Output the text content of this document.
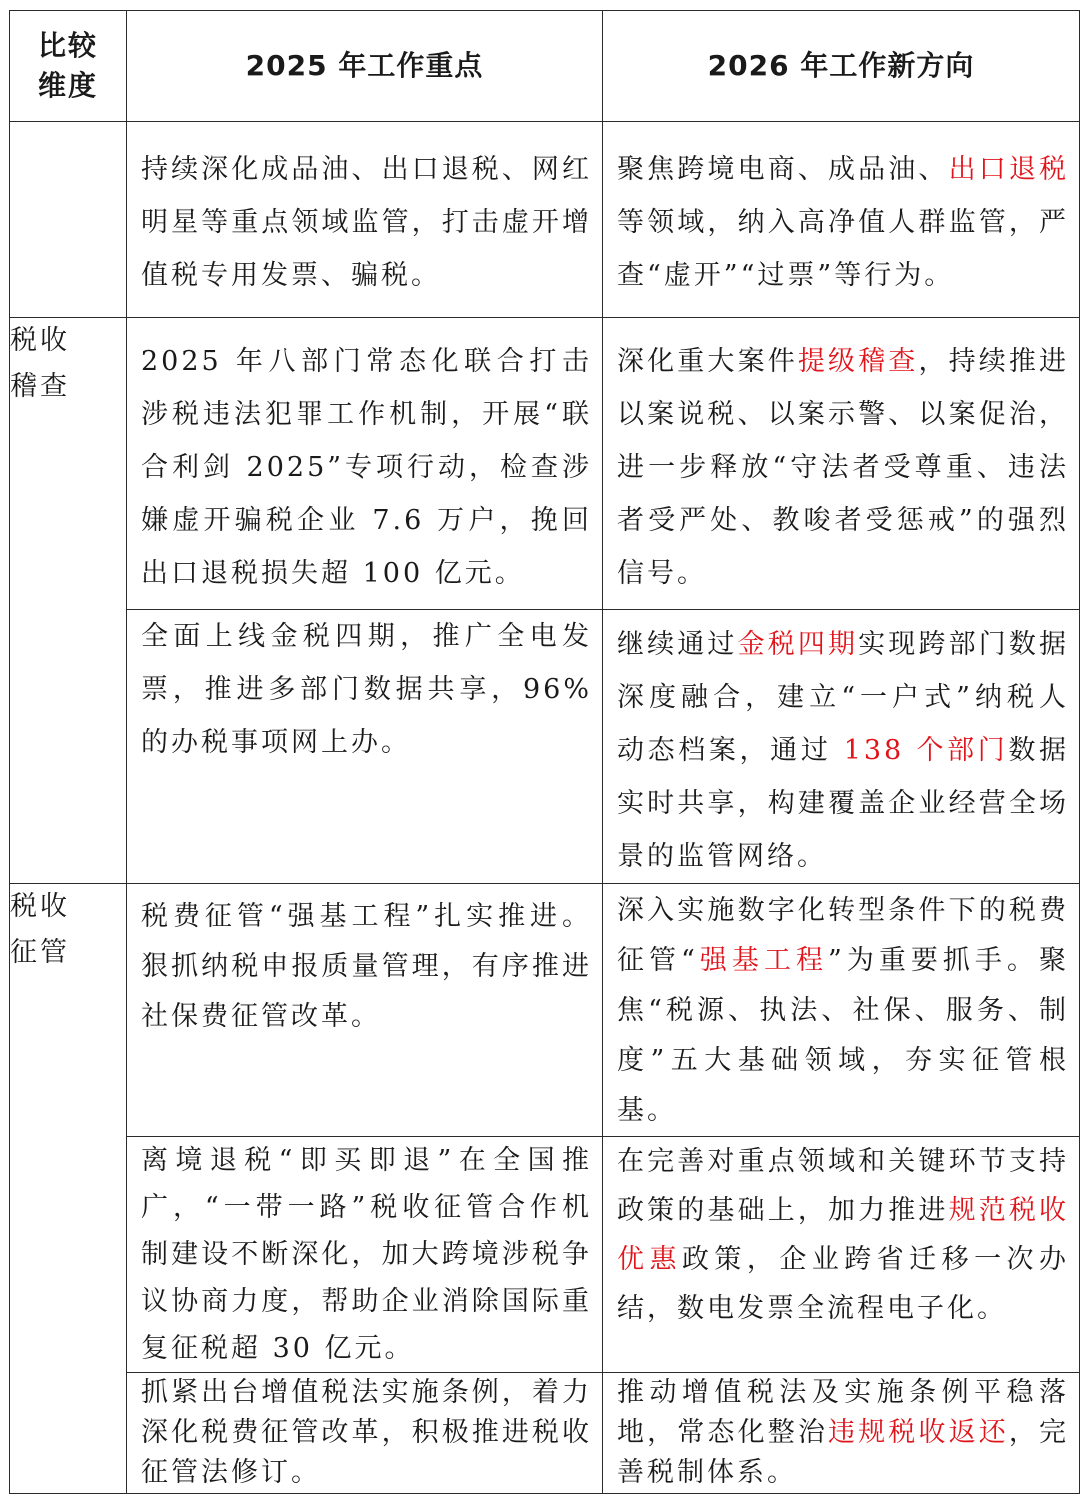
比较
维度	2025 年工作重点	2026 年工作新方向
	持续深化成品油、出口退税、网红明星等重点领域监管，打击虚开增值税专用发票、骗税。	聚焦跨境电商、成品油、出口退税等领域，纳入高净值人群监管，严查“虚开”“过票”等行为。
税收
稽查	2025 年八部门常态化联合打击涉税违法犯罪工作机制，开展“联合利剑 2025”专项行动，检查涉嫌虚开骗税企业 7.6 万户，挽回出口退税损失超 100 亿元。	深化重大案件提级稽查，持续推进以案说税、以案示警、以案促治，进一步释放“守法者受尊重、违法者受严处、教唆者受惩戒”的强烈信号。
	全面上线金税四期，推广全电发票，推进多部门数据共享，96% 的办税事项网上办。	继续通过金税四期实现跨部门数据深度融合，建立“一户式”纳税人动态档案，通过 138 个部门数据实时共享，构建覆盖企业经营全场景的监管网络。
税收
征管	税费征管“强基工程”扎实推进。狠抓纳税申报质量管理，有序推进社保费征管改革。	深入实施数字化转型条件下的税费征管“强基工程”为重要抓手。聚焦“税源、执法、社保、服务、制度”五大基础领域，夯实征管根基。
	离境退税“即买即退”在全国推广，“一带一路”税收征管合作机制建设不断深化，加大跨境涉税争议协商力度，帮助企业消除国际重复征税超 30 亿元。	在完善对重点领域和关键环节支持政策的基础上，加力推进规范税收优惠政策，企业跨省迁移一次办结，数电发票全流程电子化。
	抓紧出台增值税法实施条例，着力深化税费征管改革，积极推进税收征管法修订。	推动增值税法及实施条例平稳落地，常态化整治违规税收返还，完善税制体系。
